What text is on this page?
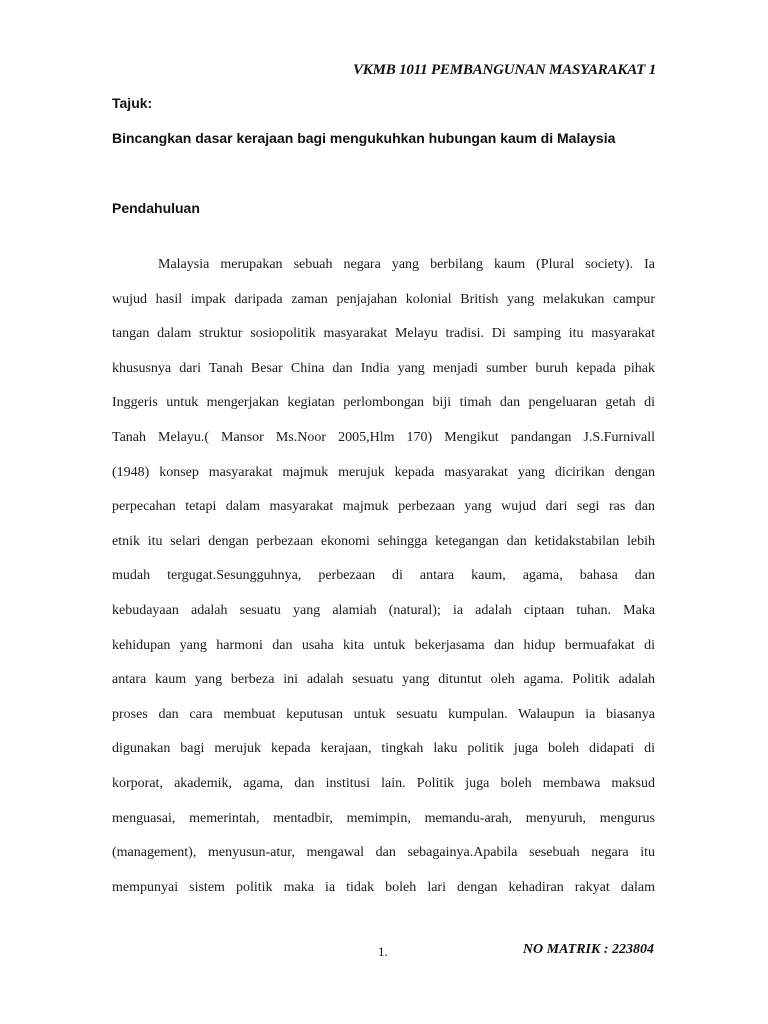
VKMB 1011 PEMBANGUNAN MASYARAKAT 1
Tajuk:
Bincangkan dasar kerajaan bagi mengukuhkan hubungan kaum di Malaysia
Pendahuluan
Malaysia merupakan sebuah negara yang berbilang kaum (Plural society). Ia
wujud hasil impak daripada zaman penjajahan kolonial British yang melakukan campur
tangan dalam struktur sosiopolitik masyarakat Melayu tradisi. Di samping itu masyarakat
khususnya dari Tanah Besar China dan India yang menjadi sumber buruh kepada pihak
Inggeris untuk mengerjakan kegiatan perlombongan biji timah dan pengeluaran getah di
Tanah Melayu.( Mansor Ms.Noor 2005,Hlm 170) Mengikut pandangan J.S.Furnivall
(1948) konsep masyarakat majmuk merujuk kepada masyarakat yang dicirikan dengan
perpecahan tetapi dalam masyarakat majmuk perbezaan yang wujud dari segi ras dan
etnik itu selari dengan perbezaan ekonomi sehingga ketegangan dan ketidakstabilan lebih
mudah tergugat.Sesungguhnya, perbezaan di antara kaum, agama, bahasa dan
kebudayaan adalah sesuatu yang alamiah (natural); ia adalah ciptaan tuhan. Maka
kehidupan yang harmoni dan usaha kita untuk bekerjasama dan hidup bermuafakat di
antara kaum yang berbeza ini adalah sesuatu yang dituntut oleh agama. Politik adalah
proses dan cara membuat keputusan untuk sesuatu kumpulan. Walaupun ia biasanya
digunakan bagi merujuk kepada kerajaan, tingkah laku politik juga boleh didapati di
korporat, akademik, agama, dan institusi lain. Politik juga boleh membawa maksud
menguasai, memerintah, mentadbir, memimpin, memandu-arah, menyuruh, mengurus
(management), menyusun-atur, mengawal dan sebagainya.Apabila sesebuah negara itu
mempunyai sistem politik maka ia tidak boleh lari dengan kehadiran rakyat dalam
1.	NO MATRIK : 223804
